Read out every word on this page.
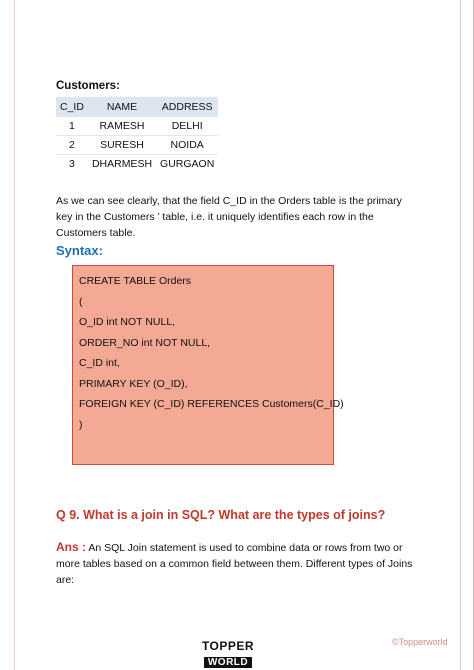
Customers:
C_ID	NAME	ADDRESS
1	RAMESH	DELHI
2	SURESH	NOIDA
3	DHARMESH	GURGAON
As we can see clearly, that the field C_ID in the Orders table is the primary key in the Customers ’ table, i.e. it uniquely identifies each row in the Customers table.
Syntax:
CREATE TABLE Orders
(
O_ID int NOT NULL,
ORDER_NO int NOT NULL,
C_ID int,
PRIMARY KEY (O_ID),
FOREIGN KEY (C_ID) REFERENCES Customers(C_ID)
)
Q 9. What is a join in SQL? What are the types of joins?
Ans : An SQL Join statement is used to combine data or rows from two or more tables based on a common field between them. Different types of Joins are:
TOPPER
WORLD
©Topperworld
